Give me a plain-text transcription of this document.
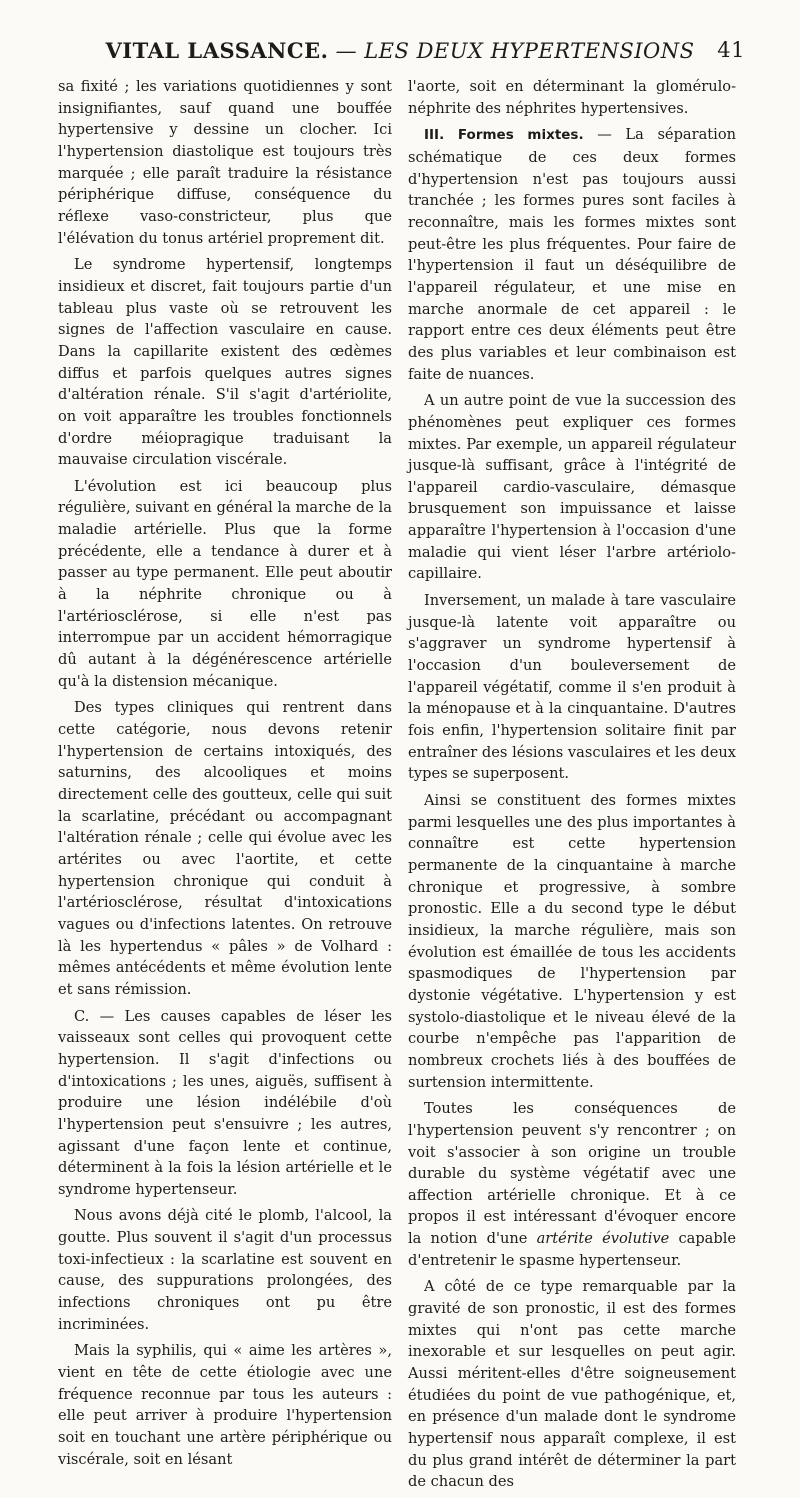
VITAL LASSANCE. — LES DEUX HYPERTENSIONS 41

sa fixité ; les variations quotidiennes y sont insignifiantes, sauf quand une bouffée hypertensive y dessine un clocher. Ici l'hypertension diastolique est toujours très marquée ; elle paraît traduire la résistance périphérique diffuse, conséquence du réflexe vaso-constricteur, plus que l'élévation du tonus artériel proprement dit.

Le syndrome hypertensif, longtemps insidieux et discret, fait toujours partie d'un tableau plus vaste où se retrouvent les signes de l'affection vasculaire en cause. Dans la capillarite existent des œdèmes diffus et parfois quelques autres signes d'altération rénale. S'il s'agit d'artériolite, on voit apparaître les troubles fonctionnels d'ordre méiopragique traduisant la mauvaise circulation viscérale.

L'évolution est ici beaucoup plus régulière, suivant en général la marche de la maladie artérielle. Plus que la forme précédente, elle a tendance à durer et à passer au type permanent. Elle peut aboutir à la néphrite chronique ou à l'artériosclérose, si elle n'est pas interrompue par un accident hémorragique dû autant à la dégénérescence artérielle qu'à la distension mécanique.

Des types cliniques qui rentrent dans cette catégorie, nous devons retenir l'hypertension de certains intoxiqués, des saturnins, des alcooliques et moins directement celle des goutteux, celle qui suit la scarlatine, précédant ou accompagnant l'altération rénale ; celle qui évolue avec les artérites ou avec l'aortite, et cette hypertension chronique qui conduit à l'artériosclérose, résultat d'intoxications vagues ou d'infections latentes. On retrouve là les hypertendus « pâles » de Volhard : mêmes antécédents et même évolution lente et sans rémission.

C. — Les causes capables de léser les vaisseaux sont celles qui provoquent cette hypertension. Il s'agit d'infections ou d'intoxications ; les unes, aiguës, suffisent à produire une lésion indélébile d'où l'hypertension peut s'ensuivre ; les autres, agissant d'une façon lente et continue, déterminent à la fois la lésion artérielle et le syndrome hypertenseur.

Nous avons déjà cité le plomb, l'alcool, la goutte. Plus souvent il s'agit d'un processus toxi-infectieux : la scarlatine est souvent en cause, des suppurations prolongées, des infections chroniques ont pu être incriminées.

Mais la syphilis, qui « aime les artères », vient en tête de cette étiologie avec une fréquence reconnue par tous les auteurs : elle peut arriver à produire l'hypertension soit en touchant une artère périphérique ou viscérale, soit en lésant

l'aorte, soit en déterminant la glomérulo-néphrite des néphrites hypertensives.

III. Formes mixtes. — La séparation schématique de ces deux formes d'hypertension n'est pas toujours aussi tranchée ; les formes pures sont faciles à reconnaître, mais les formes mixtes sont peut-être les plus fréquentes. Pour faire de l'hypertension il faut un déséquilibre de l'appareil régulateur, et une mise en marche anormale de cet appareil : le rapport entre ces deux éléments peut être des plus variables et leur combinaison est faite de nuances.

A un autre point de vue la succession des phénomènes peut expliquer ces formes mixtes. Par exemple, un appareil régulateur jusque-là suffisant, grâce à l'intégrité de l'appareil cardio-vasculaire, démasque brusquement son impuissance et laisse apparaître l'hypertension à l'occasion d'une maladie qui vient léser l'arbre artériolo-capillaire.

Inversement, un malade à tare vasculaire jusque-là latente voit apparaître ou s'aggraver un syndrome hypertensif à l'occasion d'un bouleversement de l'appareil végétatif, comme il s'en produit à la ménopause et à la cinquantaine. D'autres fois enfin, l'hypertension solitaire finit par entraîner des lésions vasculaires et les deux types se superposent.

Ainsi se constituent des formes mixtes parmi lesquelles une des plus importantes à connaître est cette hypertension permanente de la cinquantaine à marche chronique et progressive, à sombre pronostic. Elle a du second type le début insidieux, la marche régulière, mais son évolution est émaillée de tous les accidents spasmodiques de l'hypertension par dystonie végétative. L'hypertension y est systolo-diastolique et le niveau élevé de la courbe n'empêche pas l'apparition de nombreux crochets liés à des bouffées de surtension intermittente.

Toutes les conséquences de l'hypertension peuvent s'y rencontrer ; on voit s'associer à son origine un trouble durable du système végétatif avec une affection artérielle chronique. Et à ce propos il est intéressant d'évoquer encore la notion d'une artérite évolutive capable d'entretenir le spasme hypertenseur.

A côté de ce type remarquable par la gravité de son pronostic, il est des formes mixtes qui n'ont pas cette marche inexorable et sur lesquelles on peut agir. Aussi méritent-elles d'être soigneusement étudiées du point de vue pathogénique, et, en présence d'un malade dont le syndrome hypertensif nous apparaît complexe, il est du plus grand intérêt de déterminer la part de chacun des
